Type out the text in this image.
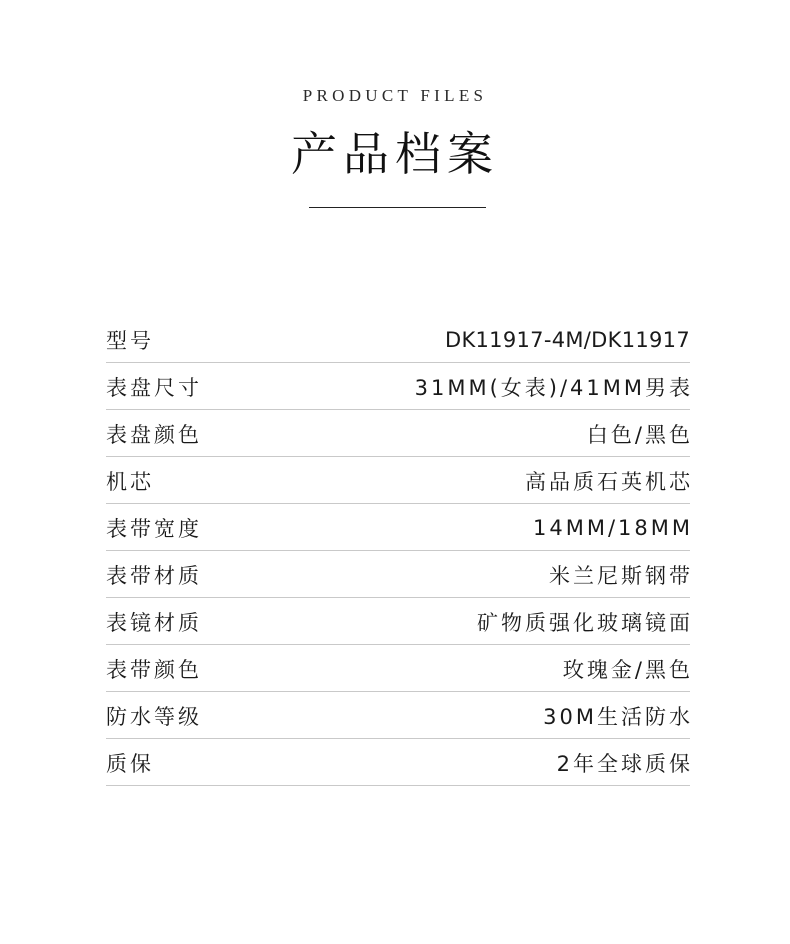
PRODUCT FILES
产品档案
型号	DK11917-4M/DK11917
表盘尺寸	31MM(女表)/41MM男表
表盘颜色	白色/黑色
机芯	高品质石英机芯
表带宽度	14MM/18MM
表带材质	米兰尼斯钢带
表镜材质	矿物质强化玻璃镜面
表带颜色	玫瑰金/黑色
防水等级	30M生活防水
质保	2年全球质保
